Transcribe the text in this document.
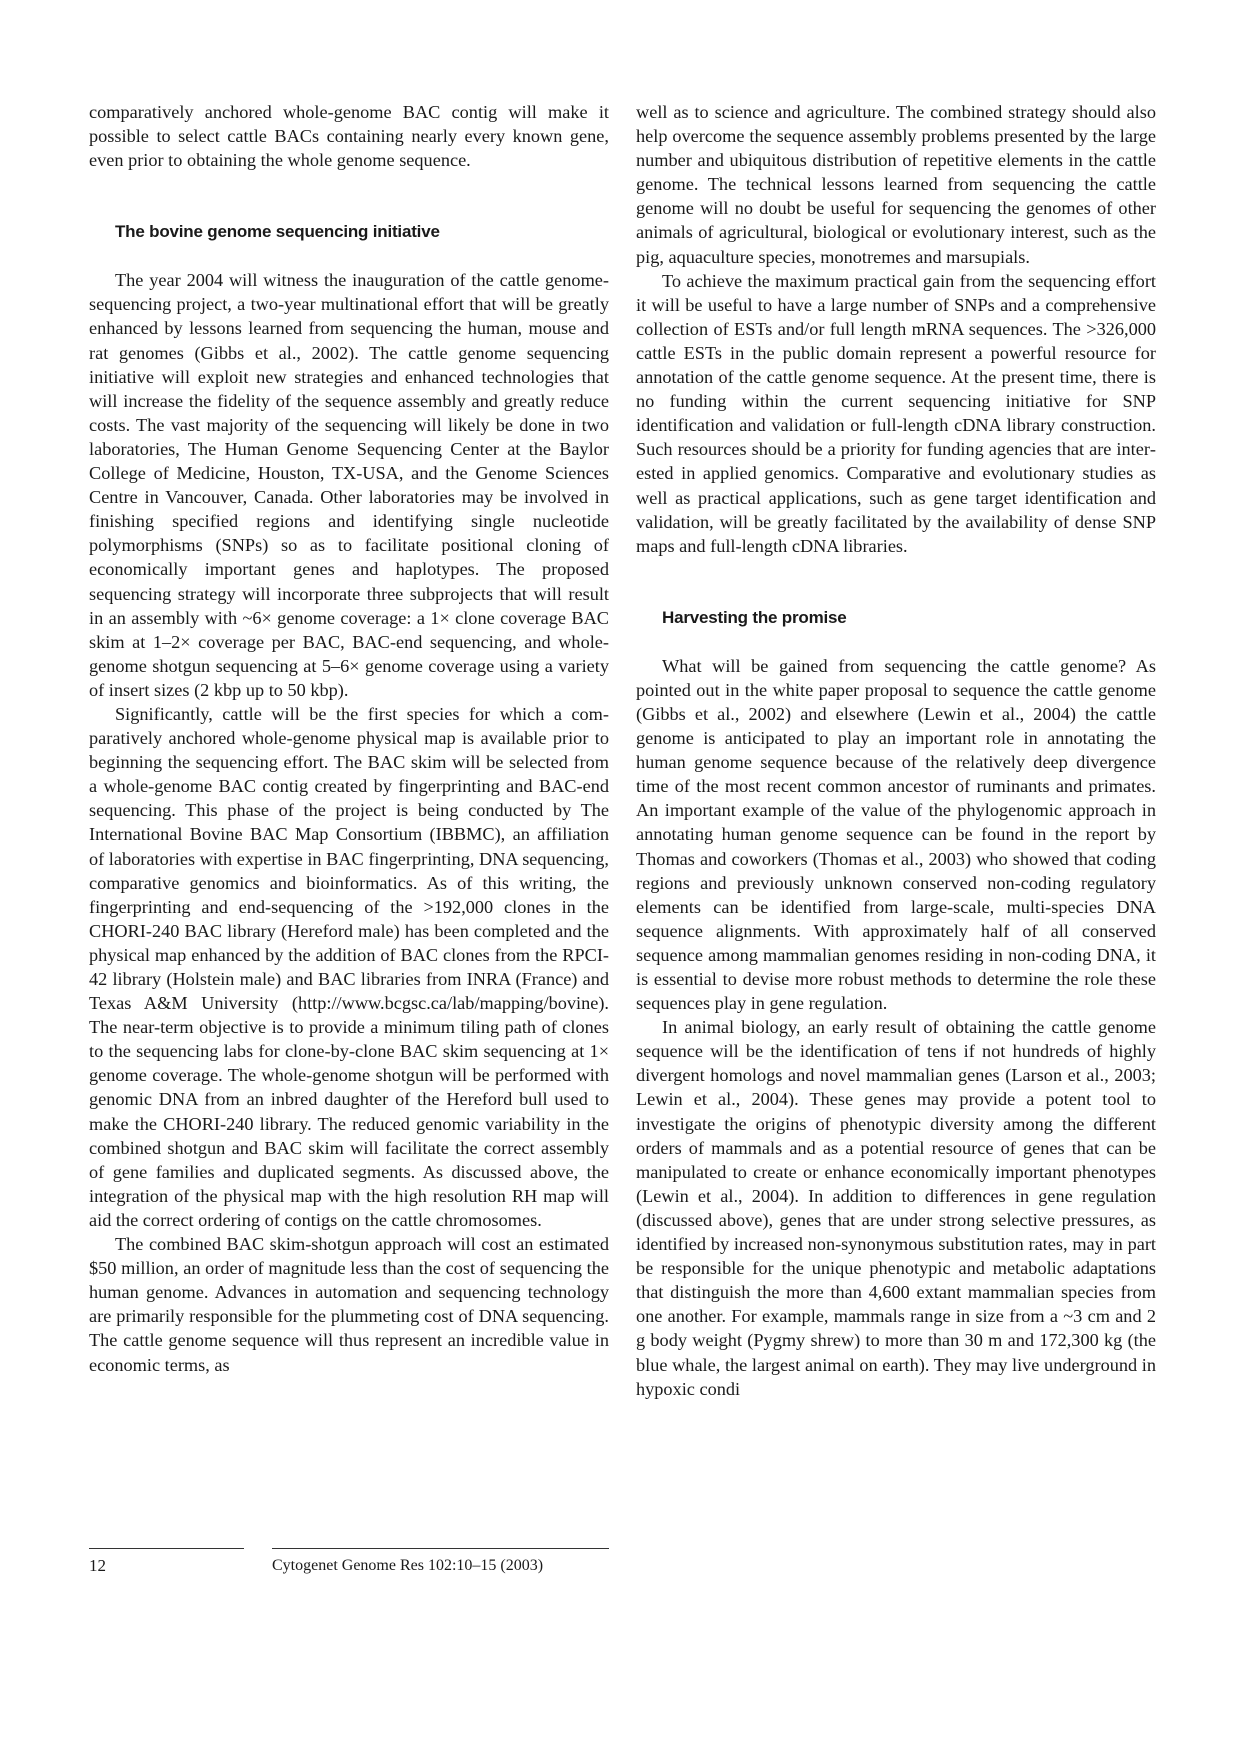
comparatively anchored whole-genome BAC contig will make it possible to select cattle BACs containing nearly every known gene, even prior to obtaining the whole genome sequence.

The bovine genome sequencing initiative

The year 2004 will witness the inauguration of the cattle genome-sequencing project, a two-year multinational effort that will be greatly enhanced by lessons learned from sequencing the human, mouse and rat genomes (Gibbs et al., 2002). The cattle genome sequencing initiative will exploit new strategies and enhanced technologies that will increase the fidelity of the sequence assembly and greatly reduce costs. The vast majority of the sequencing will likely be done in two laboratories, The Human Genome Sequencing Center at the Baylor College of Medicine, Houston, TX-USA, and the Genome Sciences Centre in Vancouver, Canada. Other laboratories may be involved in finishing specified regions and identifying single nucleotide polymorphisms (SNPs) so as to facilitate positional cloning of economically important genes and haplotypes. The proposed sequencing strategy will incorporate three subprojects that will result in an assembly with ~6× genome coverage: a 1× clone coverage BAC skim at 1–2× coverage per BAC, BAC-end sequencing, and whole-genome shotgun sequencing at 5–6× genome coverage using a variety of insert sizes (2 kbp up to 50 kbp).

Significantly, cattle will be the first species for which a comparatively anchored whole-genome physical map is available prior to beginning the sequencing effort. The BAC skim will be selected from a whole-genome BAC contig created by fingerprinting and BAC-end sequencing. This phase of the project is being conducted by The International Bovine BAC Map Consortium (IBBMC), an affiliation of laboratories with expertise in BAC fingerprinting, DNA sequencing, comparative genomics and bioinformatics. As of this writing, the fingerprinting and end-sequencing of the >192,000 clones in the CHORI-240 BAC library (Hereford male) has been completed and the physical map enhanced by the addition of BAC clones from the RPCI-42 library (Holstein male) and BAC libraries from INRA (France) and Texas A&M University (http://www.bcgsc.ca/lab/​mapping/bovine). The near-term objective is to provide a minimum tiling path of clones to the sequencing labs for clone-by-clone BAC skim sequencing at 1× genome coverage. The whole-genome shotgun will be performed with genomic DNA from an inbred daughter of the Hereford bull used to make the CHORI-240 library. The reduced genomic variability in the combined shotgun and BAC skim will facilitate the correct assembly of gene families and duplicated segments. As discussed above, the integration of the physical map with the high resolution RH map will aid the correct ordering of contigs on the cattle chromosomes.

The combined BAC skim-shotgun approach will cost an estimated $50 million, an order of magnitude less than the cost of sequencing the human genome. Advances in automation and sequencing technology are primarily responsible for the plummeting cost of DNA sequencing. The cattle genome sequence will thus represent an incredible value in economic terms, as

well as to science and agriculture. The combined strategy should also help overcome the sequence assembly problems presented by the large number and ubiquitous distribution of repetitive elements in the cattle genome. The technical lessons learned from sequencing the cattle genome will no doubt be useful for sequencing the genomes of other animals of agricultural, biological or evolutionary interest, such as the pig, aquaculture species, monotremes and marsupials.

To achieve the maximum practical gain from the sequencing effort it will be useful to have a large number of SNPs and a comprehensive collection of ESTs and/or full length mRNA sequences. The >326,000 cattle ESTs in the public domain represent a powerful resource for annotation of the cattle genome sequence. At the present time, there is no funding within the current sequencing initiative for SNP identification and validation or full-length cDNA library construction. Such resources should be a priority for funding agencies that are interested in applied genomics. Comparative and evolutionary studies as well as practical applications, such as gene target identification and validation, will be greatly facilitated by the availability of dense SNP maps and full-length cDNA libraries.

Harvesting the promise

What will be gained from sequencing the cattle genome? As pointed out in the white paper proposal to sequence the cattle genome (Gibbs et al., 2002) and elsewhere (Lewin et al., 2004) the cattle genome is anticipated to play an important role in annotating the human genome sequence because of the relatively deep divergence time of the most recent common ancestor of ruminants and primates. An important example of the value of the phylogenomic approach in annotating human genome sequence can be found in the report by Thomas and coworkers (Thomas et al., 2003) who showed that coding regions and previously unknown conserved non-coding regulatory elements can be identified from large-scale, multi-species DNA sequence alignments. With approximately half of all conserved sequence among mammalian genomes residing in non-coding DNA, it is essential to devise more robust methods to determine the role these sequences play in gene regulation.

In animal biology, an early result of obtaining the cattle genome sequence will be the identification of tens if not hundreds of highly divergent homologs and novel mammalian genes (Larson et al., 2003; Lewin et al., 2004). These genes may provide a potent tool to investigate the origins of phenotypic diversity among the different orders of mammals and as a potential resource of genes that can be manipulated to create or enhance economically important phenotypes (Lewin et al., 2004). In addition to differences in gene regulation (discussed above), genes that are under strong selective pressures, as identified by increased non-synonymous substitution rates, may in part be responsible for the unique phenotypic and metabolic adaptations that distinguish the more than 4,600 extant mammalian species from one another. For example, mammals range in size from a ~3 cm and 2 g body weight (Pygmy shrew) to more than 30 m and 172,300 kg (the blue whale, the largest animal on earth). They may live underground in hypoxic condi

12	Cytogenet Genome Res 102:10–15 (2003)
